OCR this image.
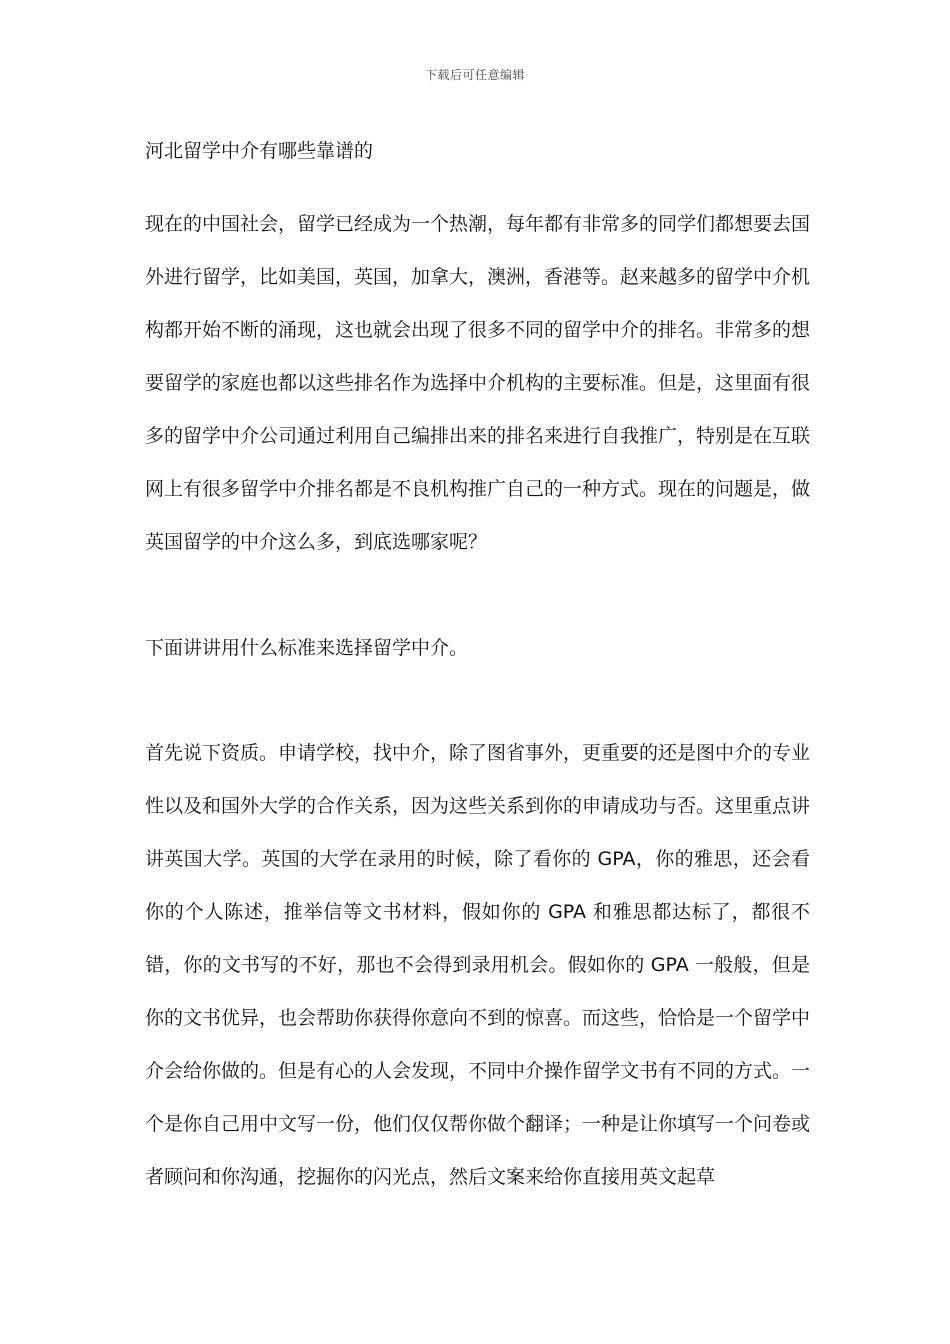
下载后可任意编辑
河北留学中介有哪些靠谱的

现在的中国社会，留学已经成为一个热潮，每年都有非常多的同学们都想要去国外进行留学，比如美国，英国，加拿大，澳洲，香港等。赵来越多的留学中介机构都开始不断的涌现，这也就会出现了很多不同的留学中介的排名。非常多的想要留学的家庭也都以这些排名作为选择中介机构的主要标准。但是，这里面有很多的留学中介公司通过利用自己编排出来的排名来进行自我推广，特别是在互联网上有很多留学中介排名都是不良机构推广自己的一种方式。现在的问题是，做英国留学的中介这么多，到底选哪家呢？

下面讲讲用什么标准来选择留学中介。

首先说下资质。申请学校，找中介，除了图省事外，更重要的还是图中介的专业性以及和国外大学的合作关系，因为这些关系到你的申请成功与否。这里重点讲讲英国大学。英国的大学在录用的时候，除了看你的 GPA，你的雅思，还会看你的个人陈述，推举信等文书材料，假如你的 GPA 和雅思都达标了，都很不错，你的文书写的不好，那也不会得到录用机会。假如你的 GPA 一般般，但是你的文书优异，也会帮助你获得你意向不到的惊喜。而这些，恰恰是一个留学中介会给你做的。但是有心的人会发现，不同中介操作留学文书有不同的方式。一个是你自己用中文写一份，他们仅仅帮你做个翻译；一种是让你填写一个问卷或者顾问和你沟通，挖掘你的闪光点，然后文案来给你直接用英文起草
